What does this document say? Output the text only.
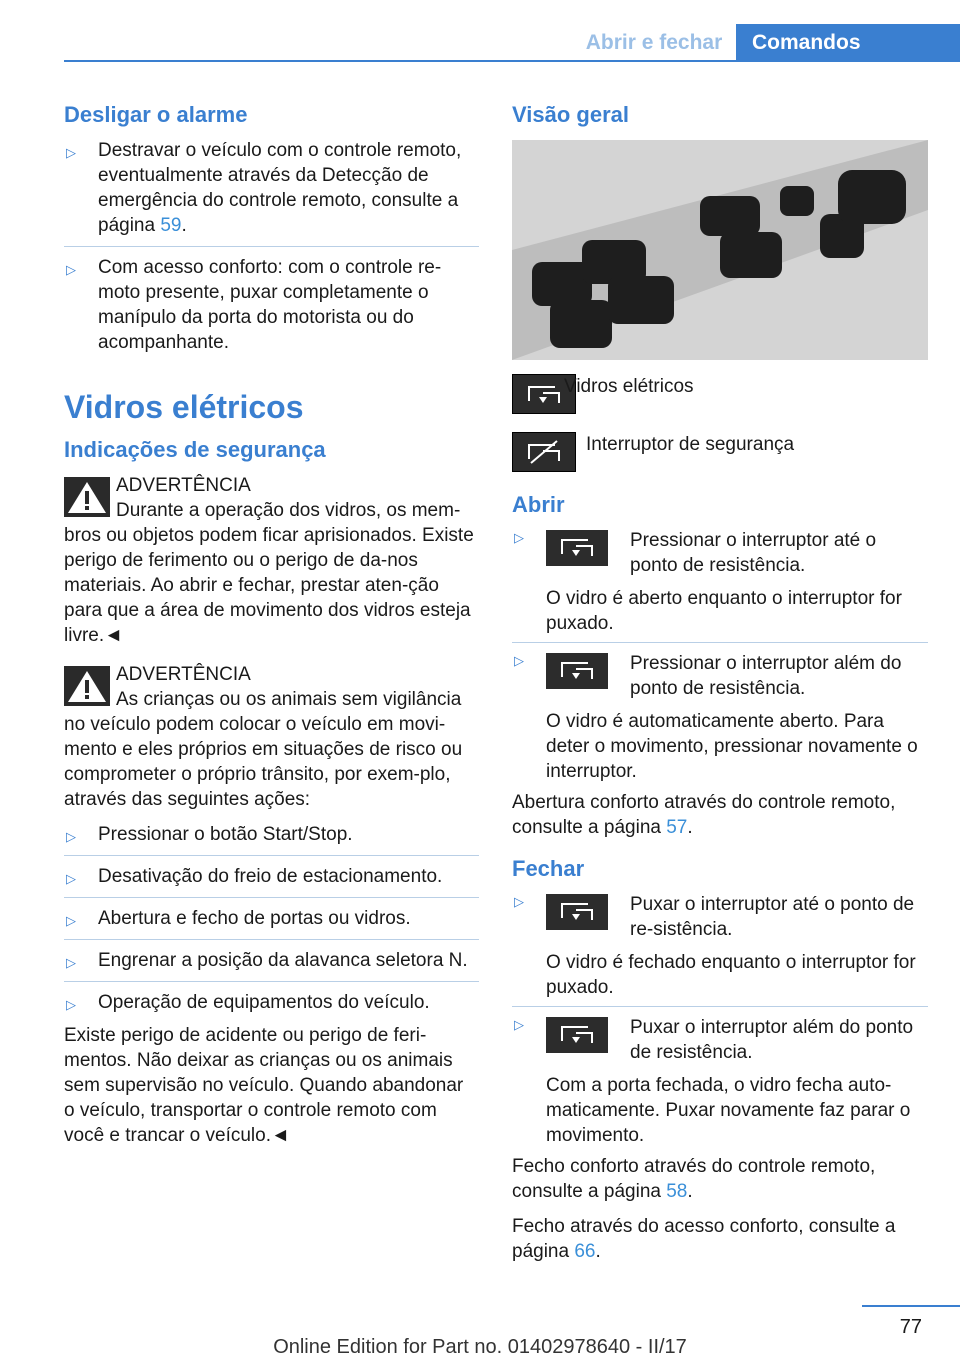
Abrir e fechar	Comandos
Desligar o alarme
▷ Destravar o veículo com o controle remoto, eventualmente através da Detecção de emergência do controle remoto, consulte a página 59.
▷ Com acesso conforto: com o controle re-moto presente, puxar completamente o manípulo da porta do motorista ou do acompanhante.
Vidros elétricos
Indicações de segurança
ADVERTÊNCIA
Durante a operação dos vidros, os mem-
bros ou objetos podem ficar aprisionados. Existe perigo de ferimento ou o perigo de da-nos materiais. Ao abrir e fechar, prestar aten-ção para que a área de movimento dos vidros esteja livre.◄
ADVERTÊNCIA
As crianças ou os animais sem vigilância
no veículo podem colocar o veículo em movi-mento e eles próprios em situações de risco ou comprometer o próprio trânsito, por exem-plo, através das seguintes ações:
▷ Pressionar o botão Start/Stop.
▷ Desativação do freio de estacionamento.
▷ Abertura e fecho de portas ou vidros.
▷ Engrenar a posição da alavanca seletora N.
▷ Operação de equipamentos do veículo.

Existe perigo de acidente ou perigo de feri-mentos. Não deixar as crianças ou os animais sem supervisão no veículo. Quando abandonar o veículo, transportar o controle remoto com você e trancar o veículo.◄

Visão geral
Vidros elétricos
Interruptor de segurança
Abrir
▷	Pressionar o interruptor até o ponto de resistência.
O vidro é aberto enquanto o interruptor for puxado.
▷	Pressionar o interruptor além do ponto de resistência.
O vidro é automaticamente aberto. Para deter o movimento, pressionar novamente o interruptor.

Abertura conforto através do controle remoto, consulte a página 57.

Fechar
▷	Puxar o interruptor até o ponto de re-sistência.
O vidro é fechado enquanto o interruptor for puxado.
▷	Puxar o interruptor além do ponto de resistência.
Com a porta fechada, o vidro fecha auto-maticamente. Puxar novamente faz parar o movimento.

Fecho conforto através do controle remoto, consulte a página 58.

Fecho através do acesso conforto, consulte a página 66.

77
Online Edition for Part no. 01402978640 - II/17
